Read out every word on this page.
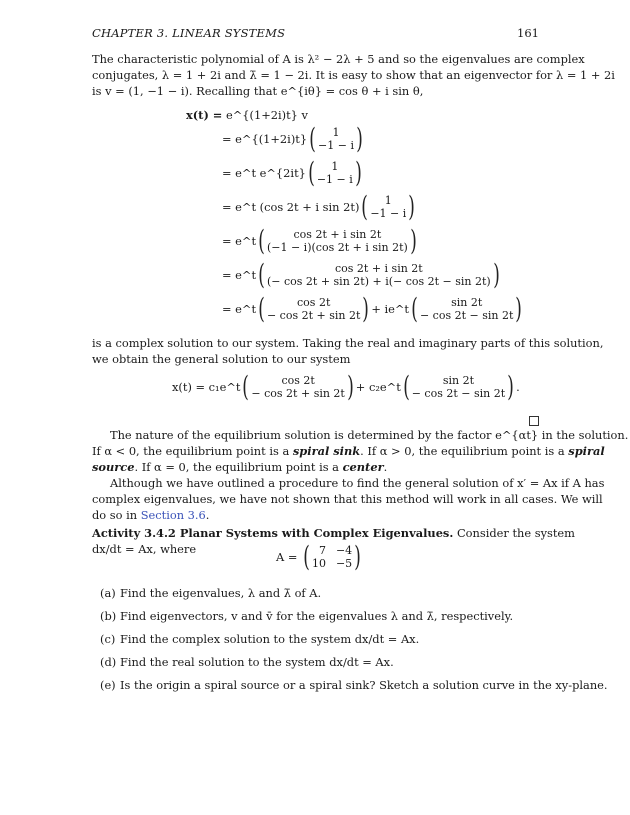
CHAPTER 3. LINEAR SYSTEMS	161
The characteristic polynomial of A is λ² − 2λ + 5 and so the eigenvalues are complex
conjugates, λ = 1 + 2i and λ̄ = 1 − 2i. It is easy to show that an eigenvector for λ = 1 + 2i
is v = (1, −1 − i). Recalling that e^{iθ} = cos θ + i sin θ,
x(t) =
e^{(1+2i)t} v
= e^{(1+2i)t} ( 1
−1 − i )
= e^t e^{2it} ( 1
−1 − i )
= e^t (cos 2t + i sin 2t) ( 1
−1 − i )
= e^t (	cos 2t + i sin 2t
(−1 − i)(cos 2t + i sin 2t) )
= e^t (	cos 2t + i sin 2t
(− cos 2t + sin 2t) + i(− cos 2t − sin 2t) )
= e^t (	cos 2t
− cos 2t + sin 2t ) + ie^t (	sin 2t
− cos 2t − sin 2t )
is a complex solution to our system. Taking the real and imaginary parts of this solution,
we obtain the general solution to our system
x(t) = c₁e^t (	cos 2t
− cos 2t + sin 2t ) + c₂e^t (	sin 2t
− cos 2t − sin 2t ) .
The nature of the equilibrium solution is determined by the factor e^{αt} in the solution.
If α < 0, the equilibrium point is a spiral sink. If α > 0, the equilibrium point is a spiral
source. If α = 0, the equilibrium point is a center.
Although we have outlined a procedure to find the general solution of x′ = Ax if A has
complex eigenvalues, we have not shown that this method will work in all cases. We will
do so in Section 3.6.
Activity 3.4.2 Planar Systems with Complex Eigenvalues. Consider the system
dx/dt = Ax, where
A =
( 7 −4
10 −5 )
(a) Find the eigenvalues, λ and λ̄ of A.
(b) Find eigenvectors, v and v̄ for the eigenvalues λ and λ̄, respectively.
(c) Find the complex solution to the system dx/dt = Ax.
(d) Find the real solution to the system dx/dt = Ax.
(e) Is the origin a spiral source or a spiral sink? Sketch a solution curve in the xy-plane.
